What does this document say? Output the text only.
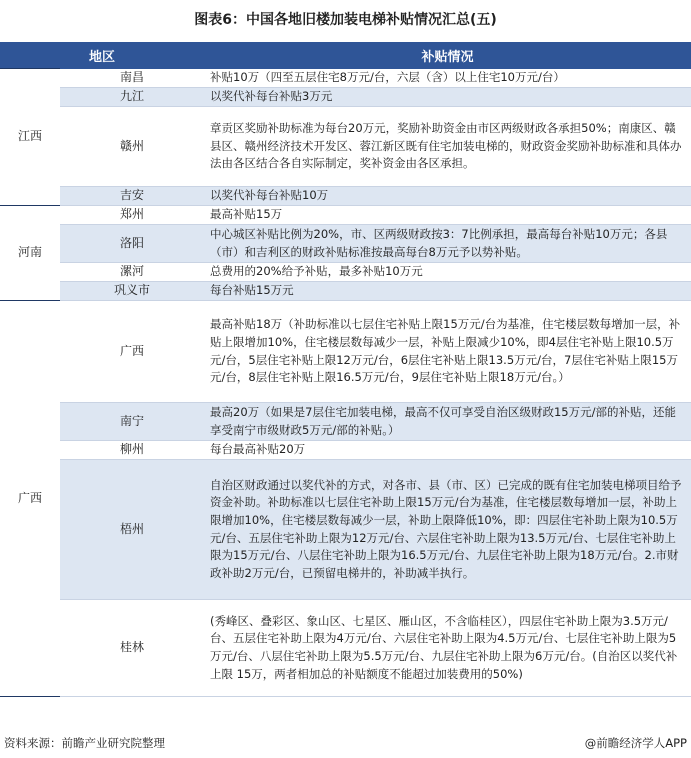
图表6：中国各地旧楼加装电梯补贴情况汇总(五)
地区		补贴情况
江西	南昌	补贴10万（四至五层住宅8万元/台，六层（含）以上住宅10万元/台）
	九江	以奖代补每台补贴3万元
	赣州	章贡区奖励补助标准为每台20万元，奖励补助资金由市区两级财政各承担50%；南康区、赣县区、赣州经济技术开发区、蓉江新区既有住宅加装电梯的，财政资金奖励补助标准和具体办法由各区结合各自实际制定，奖补资金由各区承担。
	吉安	以奖代补每台补贴10万
河南	郑州	最高补贴15万
	洛阳	中心城区补贴比例为20%，市、区两级财政按3：7比例承担，最高每台补贴10万元；各县（市）和吉利区的财政补贴标准按最高每台8万元予以势补贴。
	漯河	总费用的20%给予补贴，最多补贴10万元
	巩义市	每台补贴15万元
广西	广西	最高补贴18万（补助标准以七层住宅补贴上限15万元/台为基准，住宅楼层数每增加一层，补贴上限增加10%，住宅楼层数每减少一层，补贴上限减少10%，即4层住宅补贴上限10.5万元/台，5层住宅补贴上限12万元/台，6层住宅补贴上限13.5万元/台，7层住宅补贴上限15万元/台，8层住宅补贴上限16.5万元/台，9层住宅补贴上限18万元/台。）
	南宁	最高20万（如果是7层住宅加装电梯，最高不仅可享受自治区级财政15万元/部的补贴，还能享受南宁市级财政5万元/部的补贴。）
	柳州	每台最高补贴20万
	梧州	自治区财政通过以奖代补的方式，对各市、县（市、区）已完成的既有住宅加装电梯项目给予资金补助。补助标准以七层住宅补助上限15万元/台为基准，住宅楼层数每增加一层，补助上限增加10%，住宅楼层数每减少一层，补助上限降低10%，即：四层住宅补助上限为10.5万元/台、五层住宅补助上限为12万元/台、六层住宅补助上限为13.5万元/台、七层住宅补助上限为15万元/台、八层住宅补助上限为16.5万元/台、九层住宅补助上限为18万元/台。2.市财政补助2万元/台，已预留电梯井的，补助减半执行。
	桂林	(秀峰区、叠彩区、象山区、七星区、雁山区，不含临桂区），四层住宅补助上限为3.5万元/台、五层住宅补助上限为4万元/台、六层住宅补助上限为4.5万元/台、七层住宅补助上限为5万元/台、八层住宅补助上限为5.5万元/台、九层住宅补助上限为6万元/台。(自治区以奖代补上限 15万，两者相加总的补贴额度不能超过加装费用的50%)
资料来源：前瞻产业研究院整理	@前瞻经济学人APP
